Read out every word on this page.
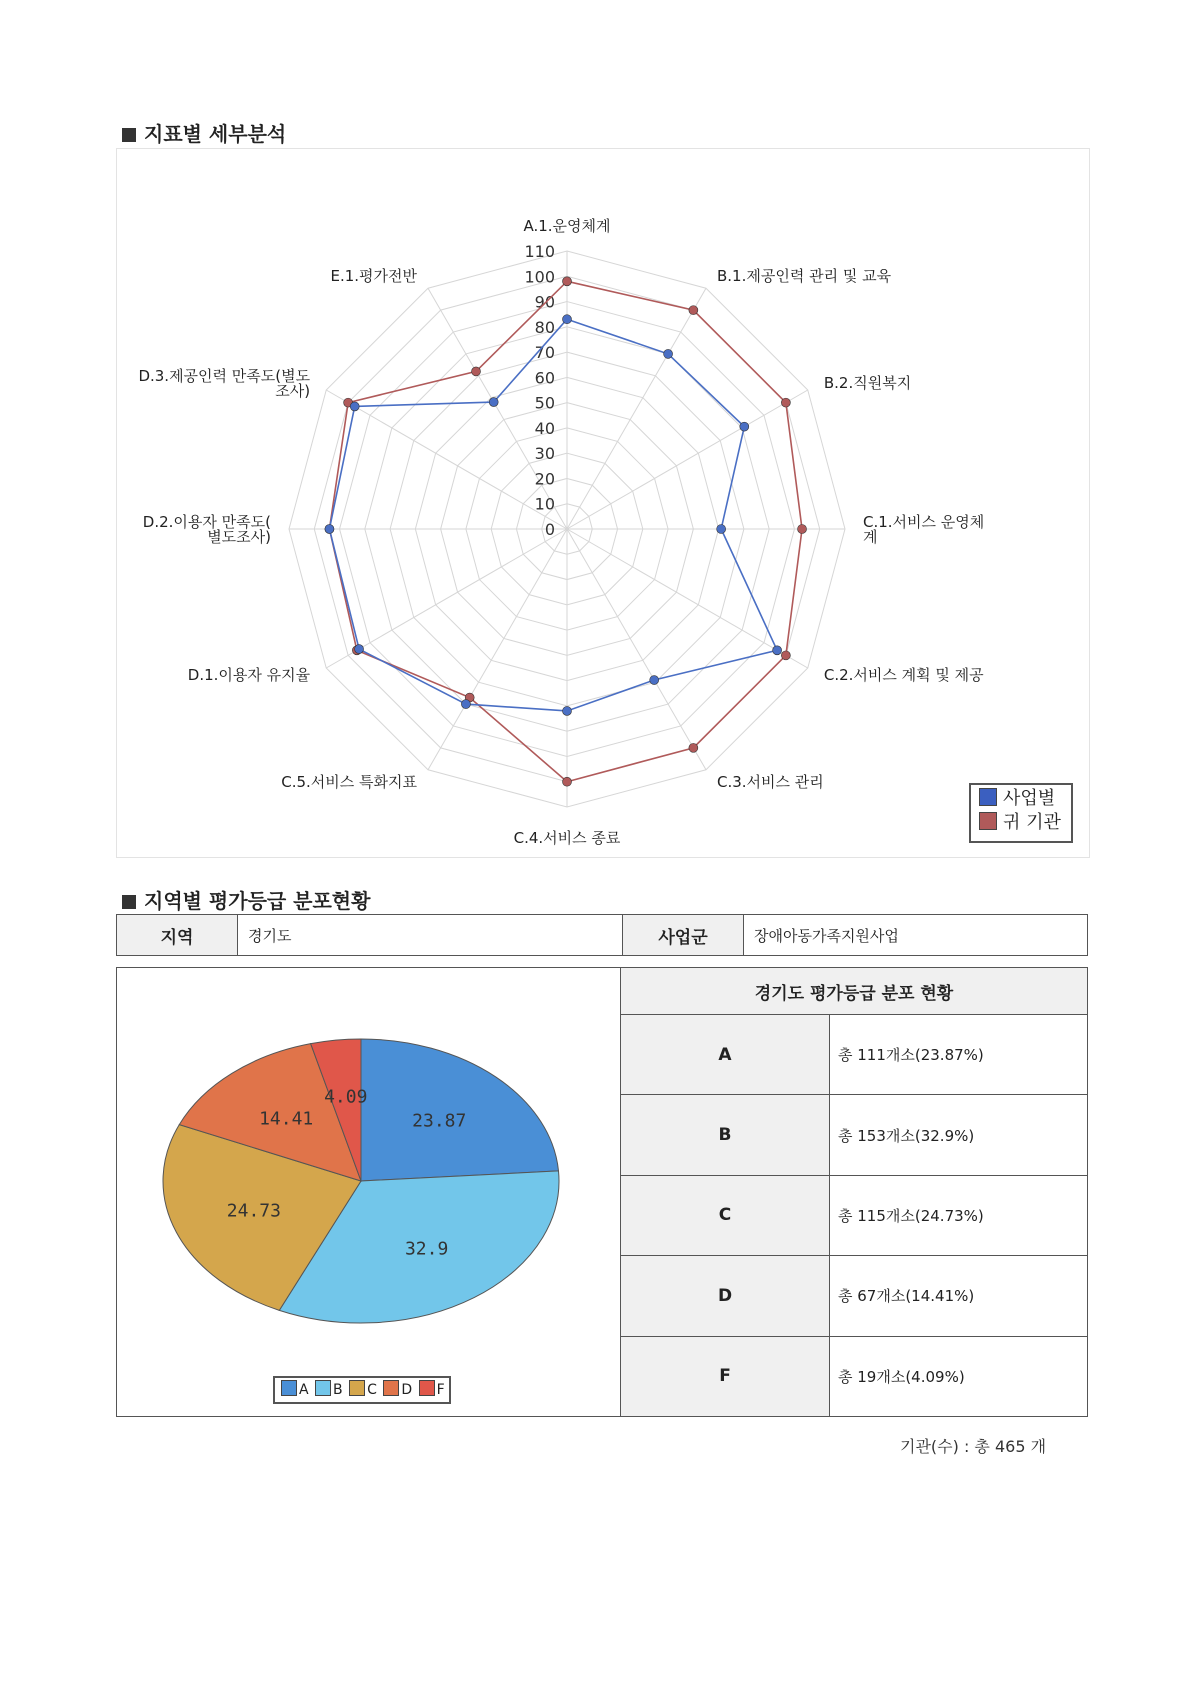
지표별 세부분석
0
10
20
30
40
50
60
70
80
90
100
110
A.1.운영체계
B.1.제공인력 관리 및 교육
B.2.직원복지
C.1.서비스 운영체 계
C.2.서비스 계획 및 제공
C.3.서비스 관리
C.4.서비스 종료
C.5.서비스 특화지표
D.1.이용자 유지율
D.2.이용자 만족도( 별도조사)
D.3.제공인력 만족도(별도 조사)
E.1.평가전반
사업별
귀 기관
지역별 평가등급 분포현황
지역	경기도	사업군	장애아동가족지원사업
23.87
32.9
24.73
14.41
4.09
A B C D F
경기도 평가등급 분포 현황	
A	총 111개소(23.87%)
B	총 153개소(32.9%)
C	총 115개소(24.73%)
D	총 67개소(14.41%)
F	총 19개소(4.09%)
기관(수) : 총 465 개
